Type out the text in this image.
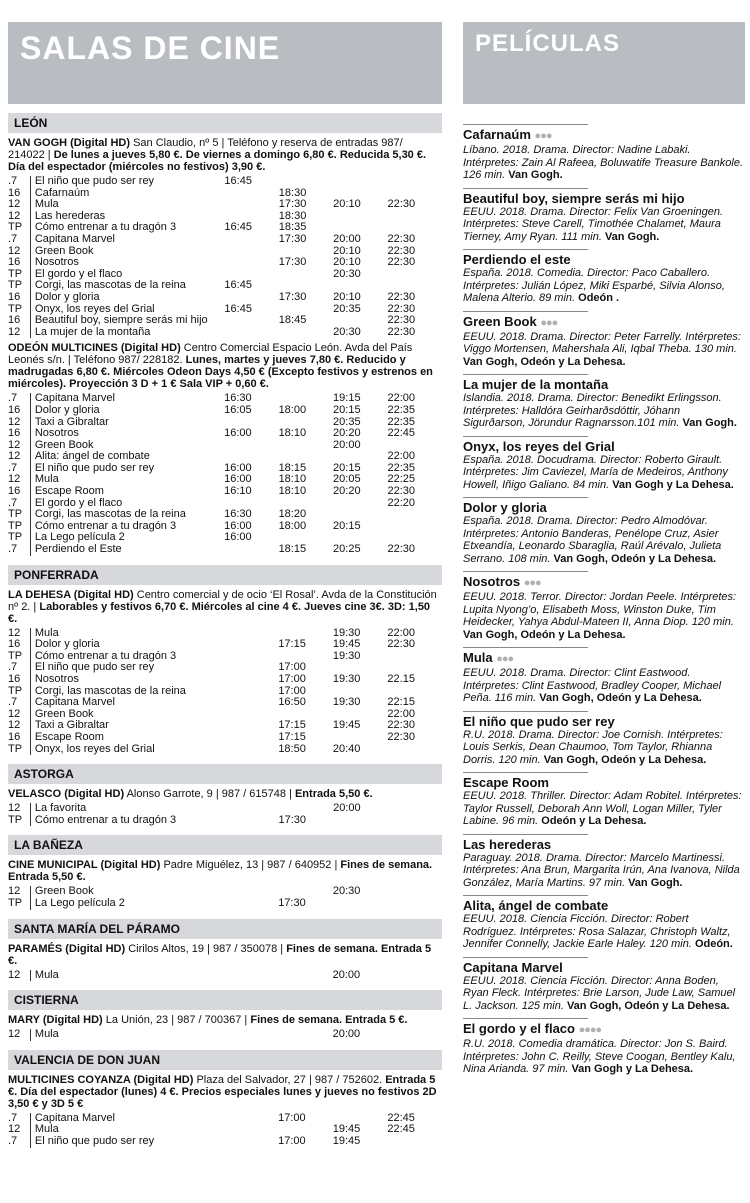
SALAS DE CINE
LEÓN
VAN GOGH (Digital HD) San Claudio, nº 5 | Teléfono y reserva de entradas 987/ 214022 | De lunes a jueves 5,80 €. De viernes a domingo 6,80 €. Reducida 5,30 €. Día del espectador (miércoles no festivos) 3,90 €.
.7	El niño que pudo ser rey	16:45			
16	Cafarnaúm		18:30		
12	Mula		17:30	20:10	22:30
12	Las herederas		18:30		
TP	Cómo entrenar a tu dragón 3	16:45	18:35		
.7	Capitana Marvel		17:30	20:00	22:30
12	Green Book			20:10	22:30
16	Nosotros		17:30	20:10	22:30
TP	El gordo y el flaco			20:30	
TP	Corgi, las mascotas de la reina	16:45			
16	Dolor y gloria		17:30	20:10	22:30
TP	Onyx, los reyes del Grial	16:45		20:35	22:30
16	Beautiful boy, siempre serás mi hijo		18:45		22:30
12	La mujer de la montaña			20:30	22:30
ODEÓN MULTICINES (Digital HD) Centro Comercial Espacio León. Avda del País Leonés s/n. | Teléfono 987/ 228182. Lunes, martes y jueves 7,80 €. Reducido y madrugadas 6,80 €. Miércoles Odeon Days 4,50 € (Excepto festivos y estrenos en miércoles). Proyección 3 D + 1 € Sala VIP + 0,60 €.
.7	Capitana Marvel	16:30		19:15	22:00
16	Dolor y gloria	16:05	18:00	20:15	22:35
12	Taxi a Gibraltar			20:35	22:35
16	Nosotros	16:00	18:10	20:20	22:45
12	Green Book			20:00	
12	Alita: ángel de combate				22:00
.7	El niño que pudo ser rey	16:00	18:15	20:15	22:35
12	Mula	16:00	18:10	20:05	22:25
16	Escape Room	16:10	18:10	20:20	22:30
.7	El gordo y el flaco				22:20
TP	Corgi, las mascotas de la reina	16:30	18:20		
TP	Cómo entrenar a tu dragón 3	16:00	18:00	20:15	
TP	La Lego película 2	16:00			
.7	Perdiendo el Este		18:15	20:25	22:30
PONFERRADA
LA DEHESA (Digital HD) Centro comercial y de ocio ‘El Rosal’. Avda de la Constitución nº 2. | Laborables y festivos 6,70 €. Miércoles al cine 4 €. Jueves cine 3€. 3D: 1,50 €.
12	Mula			19:30	22:00
16	Dolor y gloria		17:15	19:45	22:30
TP	Cómo entrenar a tu dragón 3			19:30	
.7	El niño que pudo ser rey		17:00		
16	Nosotros		17:00	19:30	22.15
TP	Corgi, las mascotas de la reina		17:00		
.7	Capitana Marvel		16:50	19:30	22:15
12	Green Book				22:00
12	Taxi a Gibraltar		17:15	19:45	22:30
16	Escape Room		17:15		22:30
TP	Onyx, los reyes del Grial		18:50	20:40	
ASTORGA
VELASCO (Digital HD) Alonso Garrote, 9 | 987 / 615748 | Entrada 5,50 €.
12	La favorita			20:00	
TP	Cómo entrenar a tu dragón 3		17:30		
LA BAÑEZA
CINE MUNICIPAL (Digital HD) Padre Miguélez, 13 | 987 / 640952 | Fines de semana. Entrada 5,50 €.
12	Green Book			20:30	
TP	La Lego película 2		17:30		
SANTA MARÍA DEL PÁRAMO
PARAMÉS (Digital HD) Cirilos Altos, 19 | 987 / 350078 | Fines de semana. Entrada 5 €.
12	Mula			20:00	
CISTIERNA
MARY (Digital HD) La Unión, 23 | 987 / 700367 | Fines de semana. Entrada 5 €.
12	Mula			20:00	
VALENCIA DE DON JUAN
MULTICINES COYANZA (Digital HD) Plaza del Salvador, 27 | 987 / 752602. Entrada 5 €. Día del espectador (lunes) 4 €. Precios especiales lunes y jueves no festivos 2D 3,50 € y 3D 5 €
.7	Capitana Marvel		17:00		22:45
12	Mula			19:45	22:45
.7	El niño que pudo ser rey		17:00	19:45	
PELÍCULAS
Cafarnaúm ●●●
Líbano. 2018. Drama. Director: Nadine Labaki. Intérpretes: Zain Al Rafeea, Boluwatife Treasure Bankole. 126 min. Van Gogh.
Beautiful boy, siempre serás mi hijo
EEUU. 2018. Drama. Director: Felix Van Groeningen. Intérpretes: Steve Carell, Timothée Chalamet, Maura Tierney, Amy Ryan. 111 min. Van Gogh.
Perdiendo el este
España. 2018. Comedia. Director: Paco Caballero. Intérpretes: Julián López, Miki Esparbé, Silvia Alonso, Malena Alterio. 89 min. Odeón .
Green Book ●●●
EEUU. 2018. Drama. Director: Peter Farrelly. Intérpretes: Viggo Mortensen, Mahershala Ali, Iqbal Theba. 130 min. Van Gogh, Odeón y La Dehesa.
La mujer de la montaña
Islandia. 2018. Drama. Director: Benedikt Erlingsson. Intérpretes: Halldóra Geirharðsdóttir, Jóhann Sigurðarson, Jörundur Ragnarsson.101 min. Van Gogh.
Onyx, los reyes del Grial
España. 2018. Docudrama. Director: Roberto Girault. Intérpretes: Jim Caviezel, María de Medeiros, Anthony Howell, Iñigo Galiano. 84 min. Van Gogh y La Dehesa.
Dolor y gloria
España. 2018. Drama. Director: Pedro Almodóvar. Intérpretes: Antonio Banderas, Penélope Cruz, Asier Etxeandía, Leonardo Sbaraglia, Raúl Arévalo, Julieta Serrano. 108 min. Van Gogh, Odeón y La Dehesa.
Nosotros ●●●
EEUU. 2018. Terror. Director: Jordan Peele. Intérpretes: Lupita Nyong’o, Elisabeth Moss, Winston Duke, Tim Heidecker, Yahya Abdul-Mateen II, Anna Diop. 120 min. Van Gogh, Odeón y La Dehesa.
Mula ●●●
EEUU. 2018. Drama. Director: Clint Eastwood. Intérpretes: Clint Eastwood, Bradley Cooper, Michael Peña. 116 min. Van Gogh, Odeón y La Dehesa.
El niño que pudo ser rey
R.U. 2018. Drama. Director: Joe Cornish. Intérpretes: Louis Serkis, Dean Chaumoo, Tom Taylor, Rhianna Dorris. 120 min. Van Gogh, Odeón y La Dehesa.
Escape Room
EEUU. 2018. Thriller. Director: Adam Robitel. Intérpretes: Taylor Russell, Deborah Ann Woll, Logan Miller, Tyler Labine. 96 min. Odeón y La Dehesa.
Las herederas
Paraguay. 2018. Drama. Director: Marcelo Martinessi. Intérpretes: Ana Brun, Margarita Irún, Ana Ivanova, Nilda González, María Martins. 97 min. Van Gogh.
Alita, ángel de combate
EEUU. 2018. Ciencia Ficción. Director: Robert Rodríguez. Intérpretes: Rosa Salazar, Christoph Waltz, Jennifer Connelly, Jackie Earle Haley. 120 min. Odeón.
Capitana Marvel
EEUU. 2018. Ciencia Ficción. Director: Anna Boden, Ryan Fleck. Intérpretes: Brie Larson, Jude Law, Samuel L. Jackson. 125 min. Van Gogh, Odeón y La Dehesa.
El gordo y el flaco ●●●●
R.U. 2018. Comedia dramática. Director: Jon S. Baird. Intérpretes: John C. Reilly, Steve Coogan, Bentley Kalu, Nina Arianda. 97 min. Van Gogh y La Dehesa.
